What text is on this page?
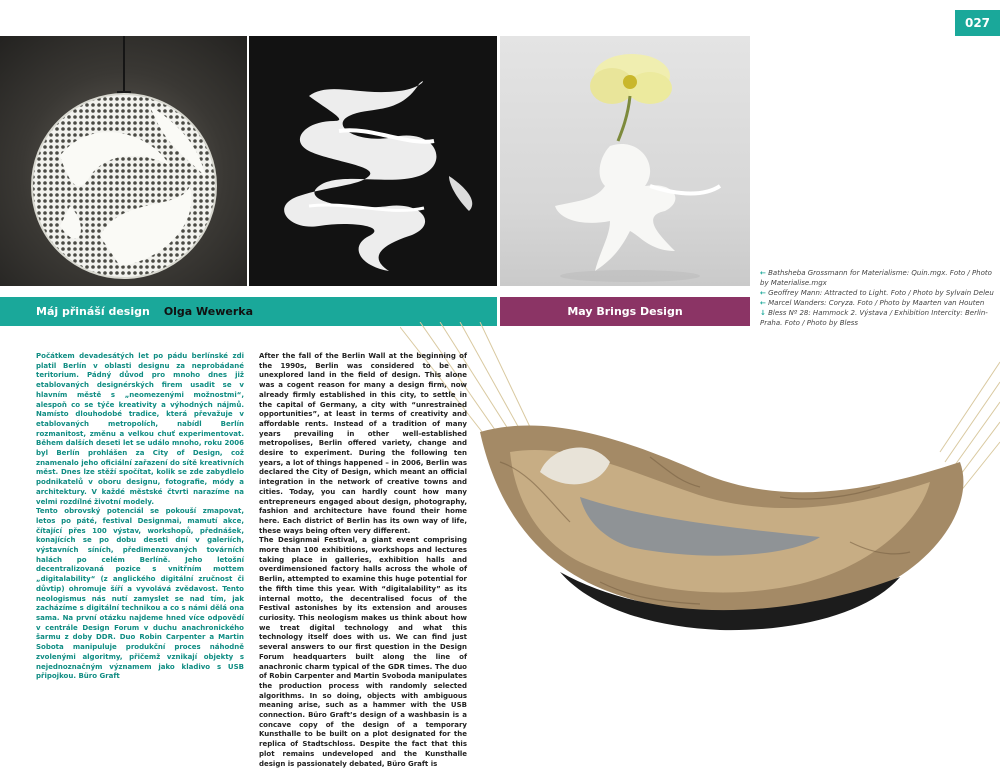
027
Máj přináší design Olga Wewerka	May Brings Design

← Bathsheba Grossmann for Materialisme: Quin.mgx. Foto / Photo by Materialise.mgx

← Geoffrey Mann: Attracted to Light. Foto / Photo by Sylvain Deleu

← Marcel Wanders: Coryza. Foto / Photo by Maarten van Houten

↓ Bless Nº 28: Hammock 2. Výstava / Exhibition Intercity: Berlin-Praha. Foto / Photo by Bless

Počátkem devadesátých let po pádu berlínské zdi platil Berlín v oblasti designu za neprobádané teritorium. Pádný důvod pro mnoho dnes již etablovaných designérských firem usadit se v hlavním městě s „neomezenými možnostmi“, alespoň co se týče kreativity a výhodných nájmů. Namísto dlouhodobé tradice, která převažuje v etablovaných metropolích, nabídl Berlín rozmanitost, změnu a velkou chuť experimentovat. Během dalších deseti let se událo mnoho, roku 2006 byl Berlín prohlášen za City of Design, což znamenalo jeho oficiální zařazení do sítě kreativních měst. Dnes lze stěží spočítat, kolik se zde zabydlelo podnikatelů v oboru designu, fotografie, módy a architektury. V každé městské čtvrti narazíme na velmi rozdílné životní modely.

Tento obrovský potenciál se pokouší zmapovat, letos po páté, festival Designmai, mamutí akce, čítající přes 100 výstav, workshopů, přednášek, konajících se po dobu deseti dní v galeriích, výstavních síních, předimenzovaných továrních halách po celém Berlíně. Jeho letošní decentralizovaná pozice s vnitřním mottem „digitalability“ (z anglického digitální zručnost či důvtip) ohromuje šíří a vyvolává zvědavost. Tento neologismus nás nutí zamyslet se nad tím, jak zacházíme s digitální technikou a co s námi dělá ona sama. Na první otázku najdeme hned více odpovědí v centrále Design Forum v duchu anachronického šarmu z doby DDR. Duo Robin Carpenter a Martin Sobota manipuluje produkční proces náhodně zvolenými algoritmy, přičemž vznikají objekty s nejednoznačným významem jako kladivo s USB připojkou. Büro Graft

After the fall of the Berlin Wall at the beginning of the 1990s, Berlin was considered to be an unexplored land in the field of design. This alone was a cogent reason for many a design firm, now already firmly established in this city, to settle in the capital of Germany, a city with “unrestrained opportunities”, at least in terms of creativity and affordable rents. Instead of a tradition of many years prevailing in other well-established metropolises, Berlin offered variety, change and desire to experiment. During the following ten years, a lot of things happened – in 2006, Berlin was declared the City of Design, which meant an official integration in the network of creative towns and cities. Today, you can hardly count how many entrepreneurs engaged about design, photography, fashion and architecture have found their home here. Each district of Berlin has its own way of life, these ways being often very different.

The Designmai Festival, a giant event comprising more than 100 exhibitions, workshops and lectures taking place in galleries, exhibition halls and overdimensioned factory halls across the whole of Berlin, attempted to examine this huge potential for the fifth time this year. With “digitalability” as its internal motto, the decentralised focus of the Festival astonishes by its extension and arouses curiosity. This neologism makes us think about how we treat digital technology and what this technology itself does with us. We can find just several answers to our first question in the Design Forum headquarters built along the line of anachronic charm typical of the GDR times. The duo of Robin Carpenter and Martin Svoboda manipulates the production process with randomly selected algorithms. In so doing, objects with ambiguous meaning arise, such as a hammer with the USB connection. Büro Graft’s design of a washbasin is a concave copy of the design of a temporary Kunsthalle to be built on a plot designated for the replica of Stadtschloss. Despite the fact that this plot remains undeveloped and the Kunsthalle design is passionately debated, Büro Graft is
